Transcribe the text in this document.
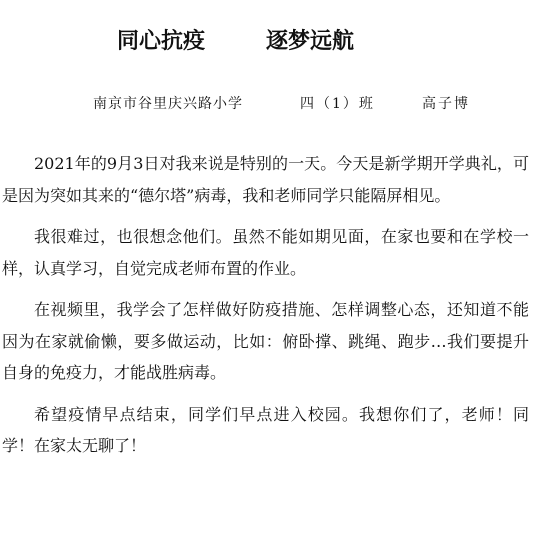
同心抗疫	逐梦远航
南京市谷里庆兴路小学	四（1）班	高子博

2021年的9月3日对我来说是特别的一天。今天是新学期开学典礼，可是因为突如其来的“德尔塔”病毒，我和老师同学只能隔屏相见。

我很难过，也很想念他们。虽然不能如期见面，在家也要和在学校一样，认真学习，自觉完成老师布置的作业。

在视频里，我学会了怎样做好防疫措施、怎样调整心态，还知道不能因为在家就偷懒，要多做运动，比如：俯卧撑、跳绳、跑步…我们要提升自身的免疫力，才能战胜病毒。

希望疫情早点结束，同学们早点进入校园。我想你们了，老师！同学！在家太无聊了！
